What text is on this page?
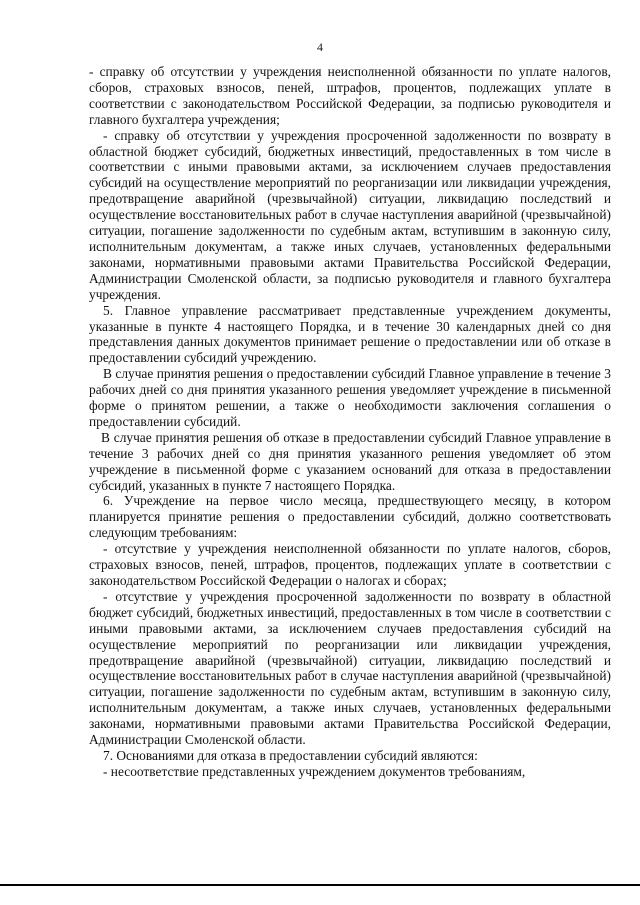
4

- справку об отсутствии у учреждения неисполненной обязанности по уплате налогов, сборов, страховых взносов, пеней, штрафов, процентов, подлежащих уплате в соответствии с законодательством Российской Федерации, за подписью руководителя и главного бухгалтера учреждения;

- справку об отсутствии у учреждения просроченной задолженности по возврату в областной бюджет субсидий, бюджетных инвестиций, предоставленных в том числе в соответствии с иными правовыми актами, за исключением случаев предоставления субсидий на осуществление мероприятий по реорганизации или ликвидации учреждения, предотвращение аварийной (чрезвычайной) ситуации, ликвидацию последствий и осуществление восстановительных работ в случае наступления аварийной (чрезвычайной) ситуации, погашение задолженности по судебным актам, вступившим в законную силу, исполнительным документам, а также иных случаев, установленных федеральными законами, нормативными правовыми актами Правительства Российской Федерации, Администрации Смоленской области, за подписью руководителя и главного бухгалтера учреждения.

5. Главное управление рассматривает представленные учреждением документы, указанные в пункте 4 настоящего Порядка, и в течение 30 календарных дней со дня представления данных документов принимает решение о предоставлении или об отказе в предоставлении субсидий учреждению.

В случае принятия решения о предоставлении субсидий Главное управление в течение 3 рабочих дней со дня принятия указанного решения уведомляет учреждение в письменной форме о принятом решении, а также о необходимости заключения соглашения о предоставлении субсидий.

В случае принятия решения об отказе в предоставлении субсидий Главное управление в течение 3 рабочих дней со дня принятия указанного решения уведомляет об этом учреждение в письменной форме с указанием оснований для отказа в предоставлении субсидий, указанных в пункте 7 настоящего Порядка.

6. Учреждение на первое число месяца, предшествующего месяцу, в котором планируется принятие решения о предоставлении субсидий, должно соответствовать следующим требованиям:

- отсутствие у учреждения неисполненной обязанности по уплате налогов, сборов, страховых взносов, пеней, штрафов, процентов, подлежащих уплате в соответствии с законодательством Российской Федерации о налогах и сборах;

- отсутствие у учреждения просроченной задолженности по возврату в областной бюджет субсидий, бюджетных инвестиций, предоставленных в том числе в соответствии с иными правовыми актами, за исключением случаев предоставления субсидий на осуществление мероприятий по реорганизации или ликвидации учреждения, предотвращение аварийной (чрезвычайной) ситуации, ликвидацию последствий и осуществление восстановительных работ в случае наступления аварийной (чрезвычайной) ситуации, погашение задолженности по судебным актам, вступившим в законную силу, исполнительным документам, а также иных случаев, установленных федеральными законами, нормативными правовыми актами Правительства Российской Федерации, Администрации Смоленской области.

7. Основаниями для отказа в предоставлении субсидий являются:

- несоответствие представленных учреждением документов требованиям,
